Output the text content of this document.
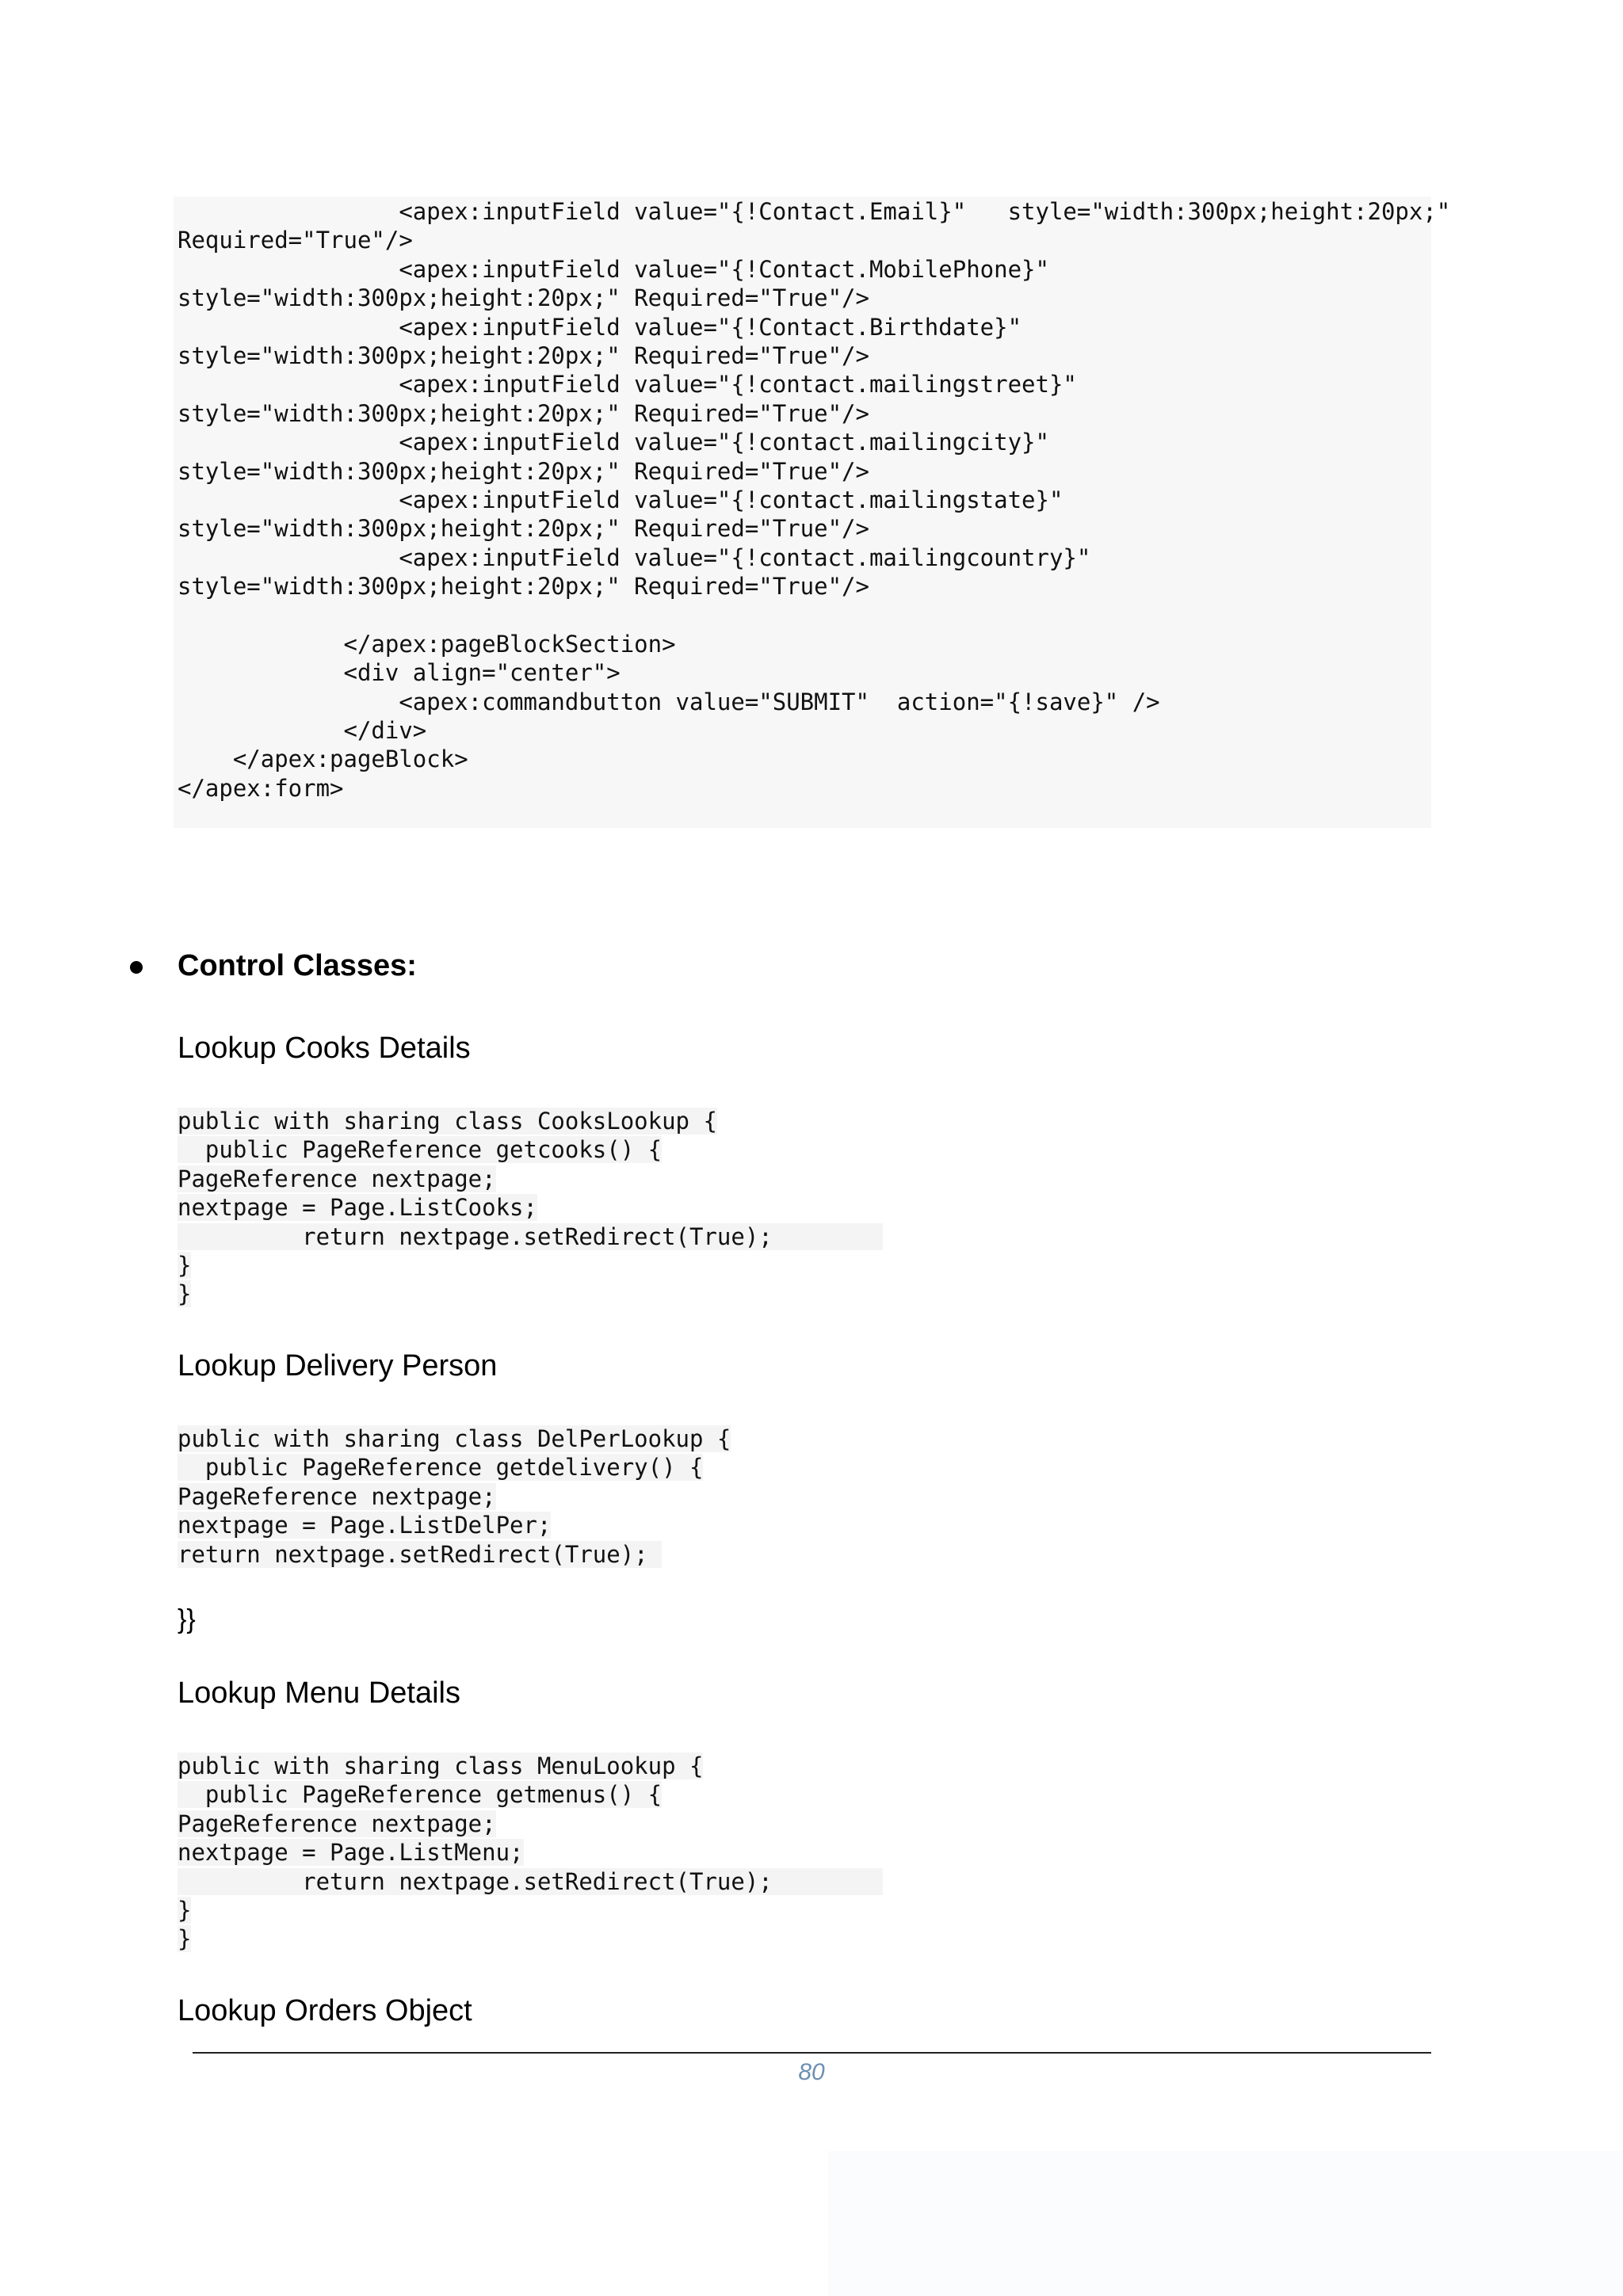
<apex:inputField value="{!Contact.Email}"   style="width:300px;height:20px;"
Required="True"/>
<apex:inputField value="{!Contact.MobilePhone}"
style="width:300px;height:20px;" Required="True"/>
<apex:inputField value="{!Contact.Birthdate}"
style="width:300px;height:20px;" Required="True"/>
<apex:inputField value="{!contact.mailingstreet}"
style="width:300px;height:20px;" Required="True"/>
<apex:inputField value="{!contact.mailingcity}"
style="width:300px;height:20px;" Required="True"/>
<apex:inputField value="{!contact.mailingstate}"
style="width:300px;height:20px;" Required="True"/>
<apex:inputField value="{!contact.mailingcountry}"
style="width:300px;height:20px;" Required="True"/>
</apex:pageBlockSection>
<div align="center">
<apex:commandbutton value="SUBMIT"  action="{!save}" />
</div>
</apex:pageBlock>
</apex:form>
Control Classes:
Lookup Cooks Details
public with sharing class CooksLookup {
public PageReference getcooks() {
PageReference nextpage;
nextpage = Page.ListCooks;
return nextpage.setRedirect(True);
}
}
Lookup Delivery Person
public with sharing class DelPerLookup {
public PageReference getdelivery() {
PageReference nextpage;
nextpage = Page.ListDelPer;
return nextpage.setRedirect(True);
}}
Lookup Menu Details
public with sharing class MenuLookup {
public PageReference getmenus() {
PageReference nextpage;
nextpage = Page.ListMenu;
return nextpage.setRedirect(True);
}
}
Lookup Orders Object
80
